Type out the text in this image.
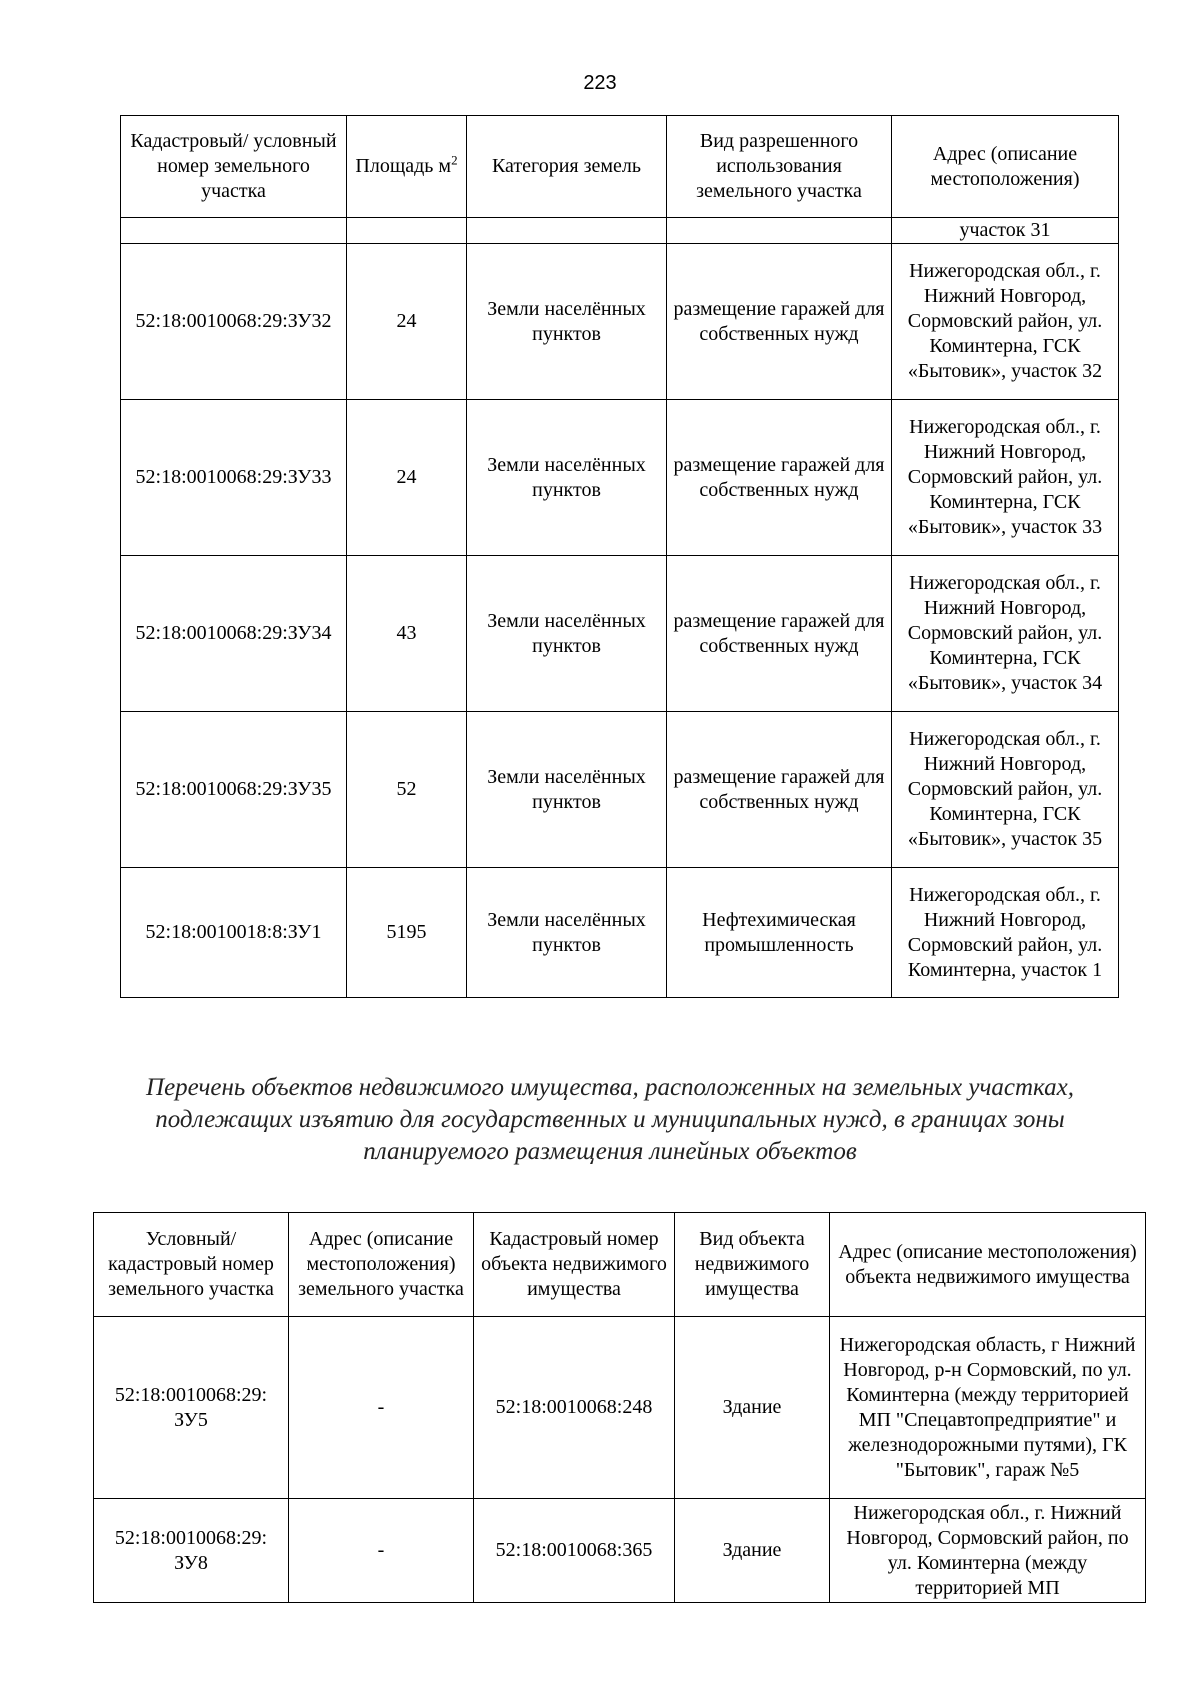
223
Кадастровый/ условный номер земельного участка	Площадь $м^2$	Категория земель	Вид разрешенного использования земельного участка	Адрес (описание местоположения)
				участок 31
52:18:0010068:29:ЗУ32	24	Земли населённых пунктов	размещение гаражей для собственных нужд	Нижегородская обл., г. Нижний Новгород, Сормовский район, ул. Коминтерна, ГСК «Бытовик», участок 32
52:18:0010068:29:ЗУ33	24	Земли населённых пунктов	размещение гаражей для собственных нужд	Нижегородская обл., г. Нижний Новгород, Сормовский район, ул. Коминтерна, ГСК «Бытовик», участок 33
52:18:0010068:29:ЗУ34	43	Земли населённых пунктов	размещение гаражей для собственных нужд	Нижегородская обл., г. Нижний Новгород, Сормовский район, ул. Коминтерна, ГСК «Бытовик», участок 34
52:18:0010068:29:ЗУ35	52	Земли населённых пунктов	размещение гаражей для собственных нужд	Нижегородская обл., г. Нижний Новгород, Сормовский район, ул. Коминтерна, ГСК «Бытовик», участок 35
52:18:0010018:8:ЗУ1	5195	Земли населённых пунктов	Нефтехимическая промышленность	Нижегородская обл., г. Нижний Новгород, Сормовский район, ул. Коминтерна, участок 1
Перечень объектов недвижимого имущества, расположенных на земельных участках, подлежащих изъятию для государственных и муниципальных нужд, в границах зоны планируемого размещения линейных объектов
Условный/ кадастровый номер земельного участка	Адрес (описание местоположения) земельного участка	Кадастровый номер объекта недвижимого имущества	Вид объекта недвижимого имущества	Адрес (описание местоположения) объекта недвижимого имущества
52:18:0010068:29: ЗУ5	-	52:18:0010068:248	Здание	Нижегородская область, г Нижний Новгород, р-н Сормовский, по ул. Коминтерна (между территорией МП "Спецавтопредприятие" и железнодорожными путями), ГК "Бытовик", гараж №5
52:18:0010068:29: ЗУ8	-	52:18:0010068:365	Здание	Нижегородская обл., г. Нижний Новгород, Сормовский район, по ул. Коминтерна (между территорией МП
